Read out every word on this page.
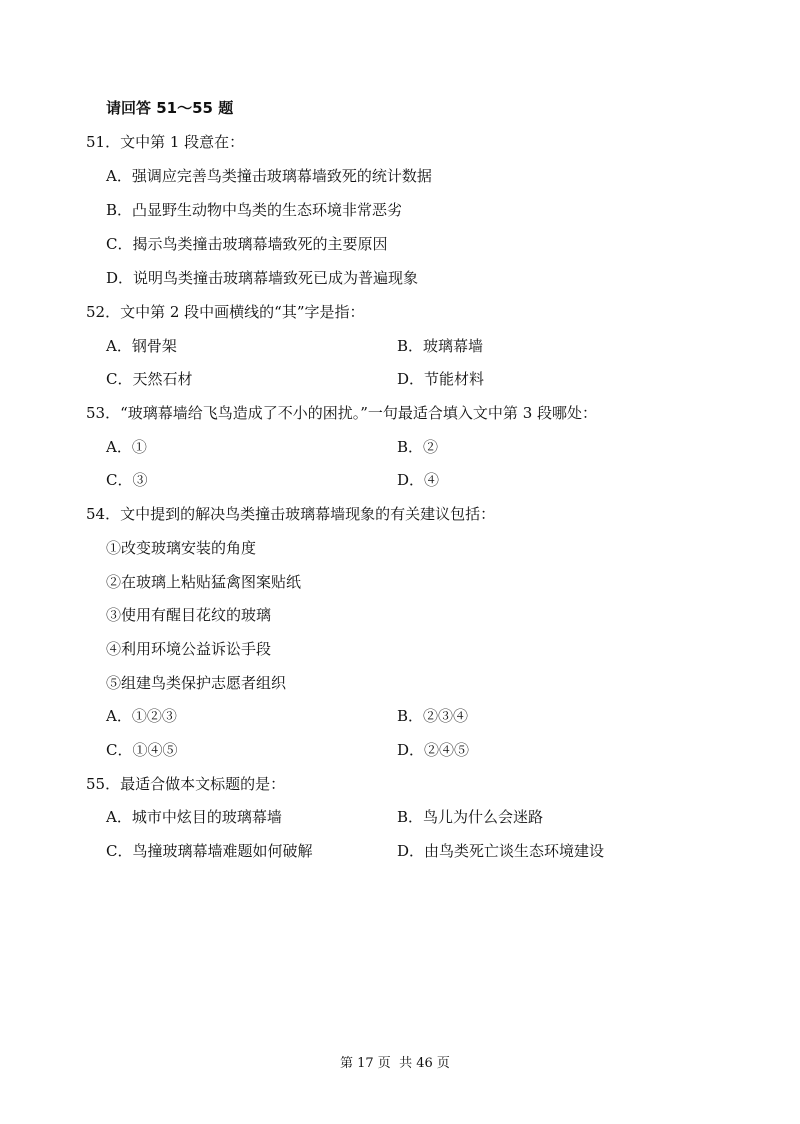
请回答 51～55 题
51．文中第 1 段意在：
A．强调应完善鸟类撞击玻璃幕墙致死的统计数据
B．凸显野生动物中鸟类的生态环境非常恶劣
C．揭示鸟类撞击玻璃幕墙致死的主要原因
D．说明鸟类撞击玻璃幕墙致死已成为普遍现象
52．文中第 2 段中画横线的“其”字是指：
A．钢骨架	B．玻璃幕墙
C．天然石材	D．节能材料
53．“玻璃幕墙给飞鸟造成了不小的困扰。”一句最适合填入文中第 3 段哪处：
A．①	B．②
C．③	D．④
54．文中提到的解决鸟类撞击玻璃幕墙现象的有关建议包括：
①改变玻璃安装的角度
②在玻璃上粘贴猛禽图案贴纸
③使用有醒目花纹的玻璃
④利用环境公益诉讼手段
⑤组建鸟类保护志愿者组织
A．①②③	B．②③④
C．①④⑤	D．②④⑤
55．最适合做本文标题的是：
A．城市中炫目的玻璃幕墙	B．鸟儿为什么会迷路
C．鸟撞玻璃幕墙难题如何破解	D．由鸟类死亡谈生态环境建设
第 17 页  共 46 页
